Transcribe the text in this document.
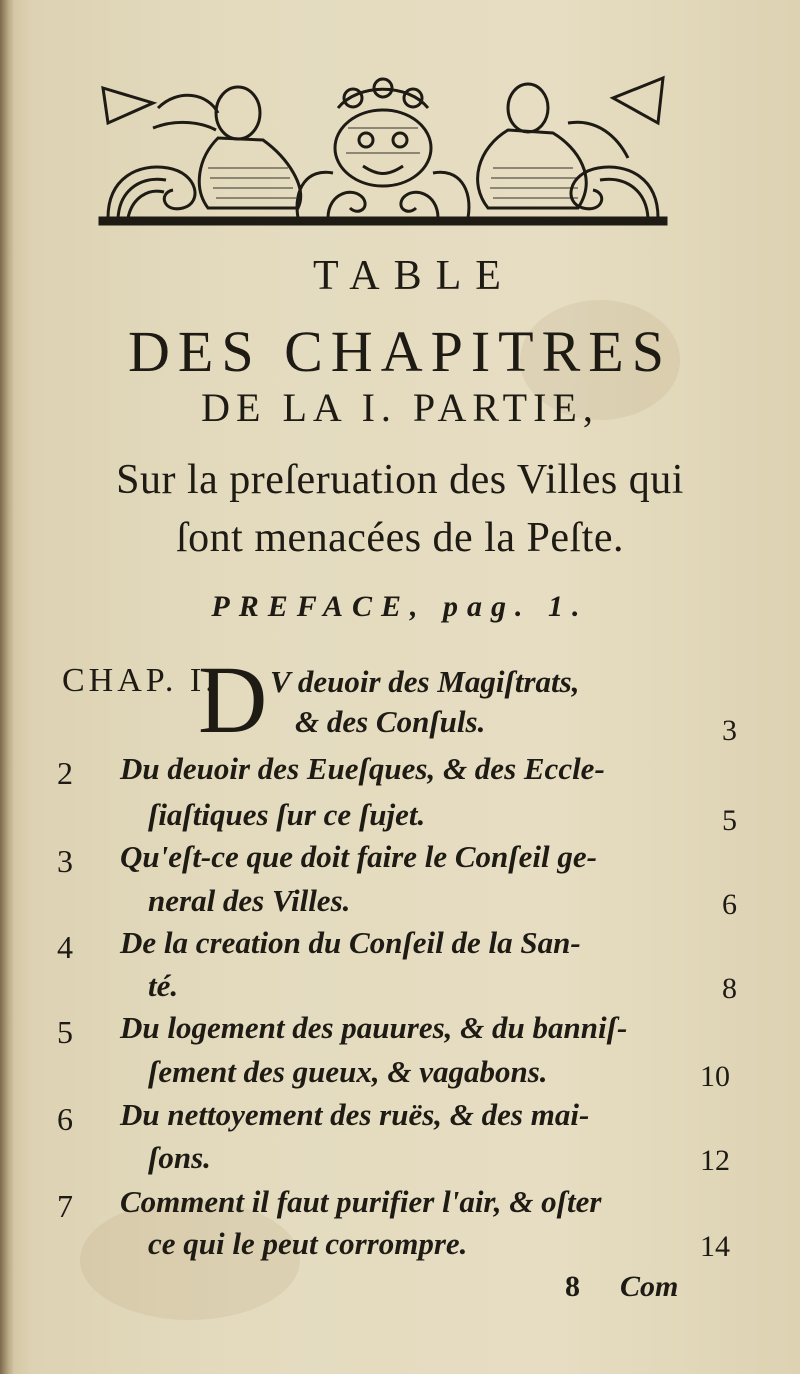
TABLE
DES CHAPITRES
DE LA I. PARTIE,
Sur la preſeruation des Villes qui
ſont menacées de la Peſte.
PREFACE, pag. 1.
CHAP. I.
D V deuoir des Magiſtrats,
& des Conſuls.	3
2 Du deuoir des Eueſques, & des Eccle-
ſiaſtiques ſur ce ſujet.	5
3 Qu'eſt-ce que doit faire le Conſeil ge-
neral des Villes.	6
4 De la creation du Conſeil de la San-
té.	8
5 Du logement des pauures, & du banniſ-
ſement des gueux, & vagabons.	10
6 Du nettoyement des ruës, & des mai-
ſons.	12
7 Comment il faut purifier l'air, & oſter
ce qui le peut corrompre.	14
8 Com
